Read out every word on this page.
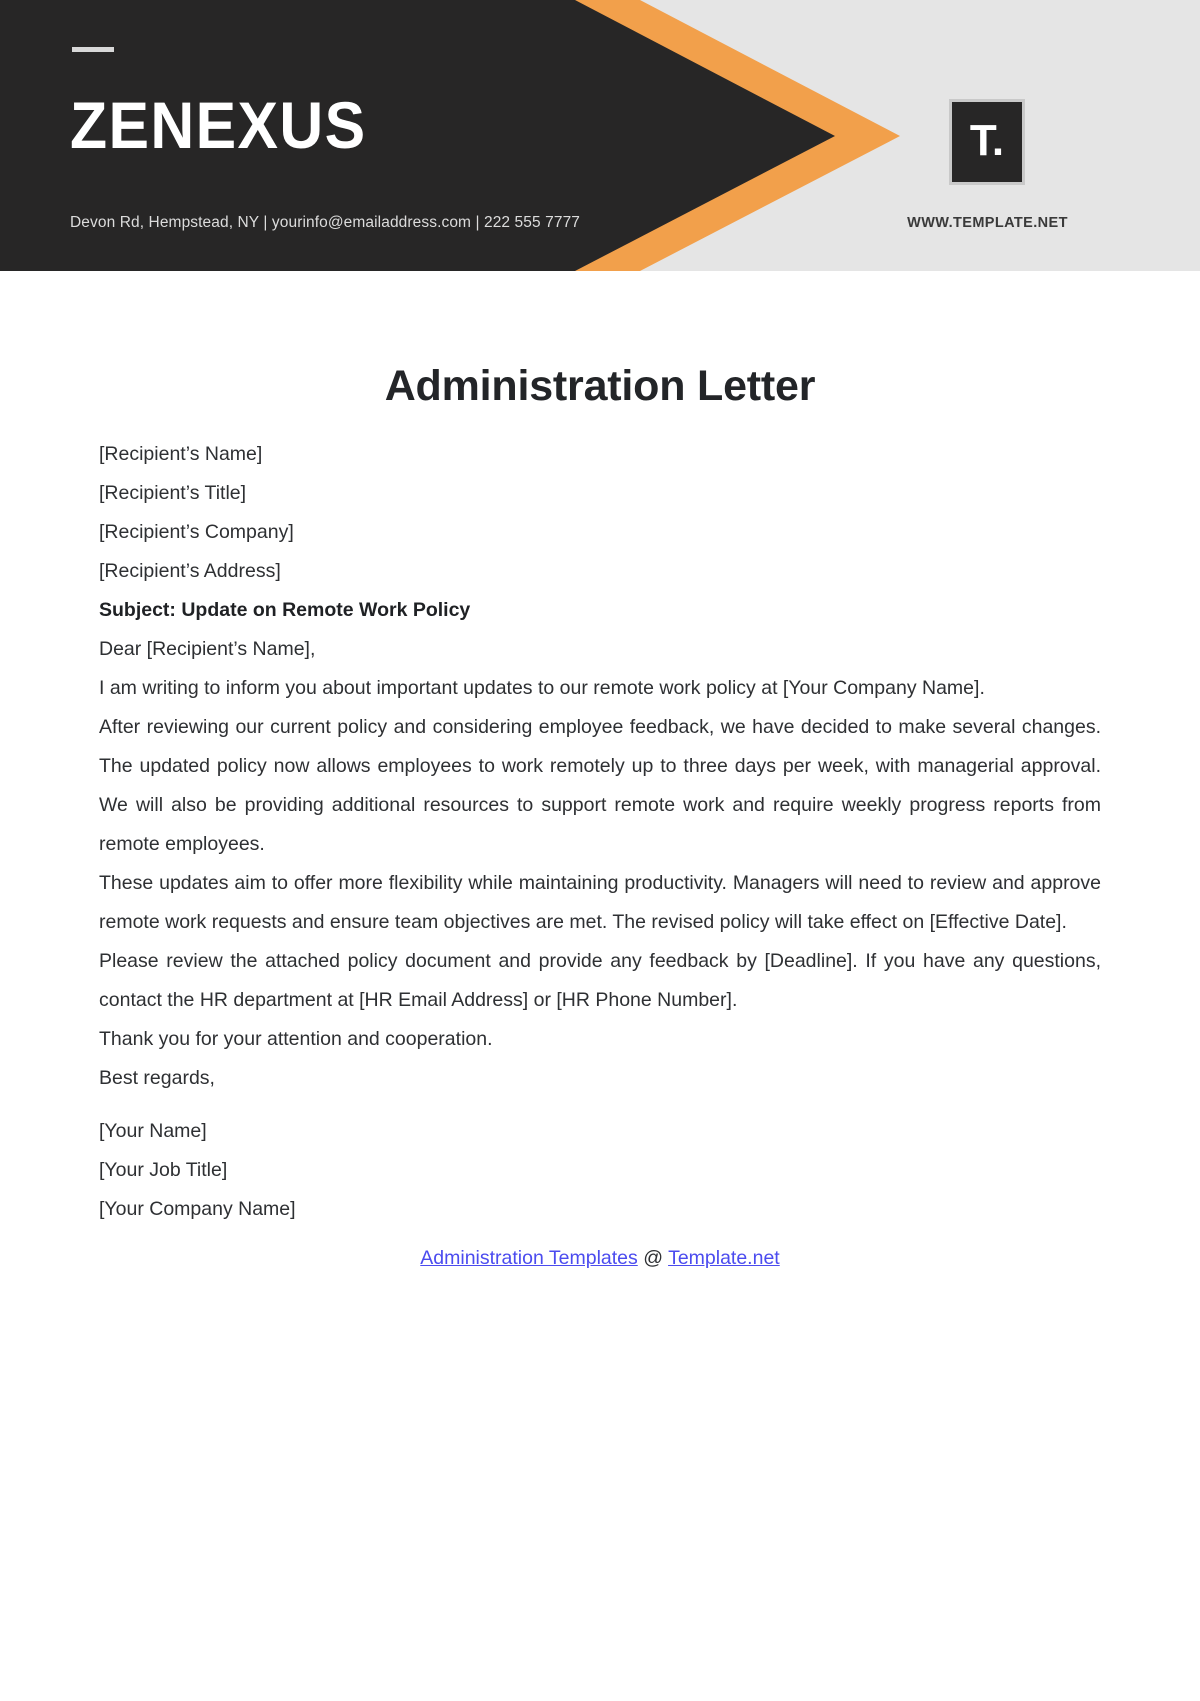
ZENEXUS
Devon Rd, Hempstead, NY | yourinfo@emailaddress.com | 222 555 7777
T.
WWW.TEMPLATE.NET
Administration Letter
[Recipient’s Name]
[Recipient’s Title]
[Recipient’s Company]
[Recipient’s Address]
Subject: Update on Remote Work Policy
Dear [Recipient’s Name],

I am writing to inform you about important updates to our remote work policy at [Your Company Name].

After reviewing our current policy and considering employee feedback, we have decided to make several changes. The updated policy now allows employees to work remotely up to three days per week, with managerial approval. We will also be providing additional resources to support remote work and require weekly progress reports from remote employees.

These updates aim to offer more flexibility while maintaining productivity. Managers will need to review and approve remote work requests and ensure team objectives are met. The revised policy will take effect on [Effective Date].

Please review the attached policy document and provide any feedback by [Deadline]. If you have any questions, contact the HR department at [HR Email Address] or [HR Phone Number].

Thank you for your attention and cooperation.

Best regards,
[Your Name]
[Your Job Title]
[Your Company Name]
Administration Templates @ Template.net
